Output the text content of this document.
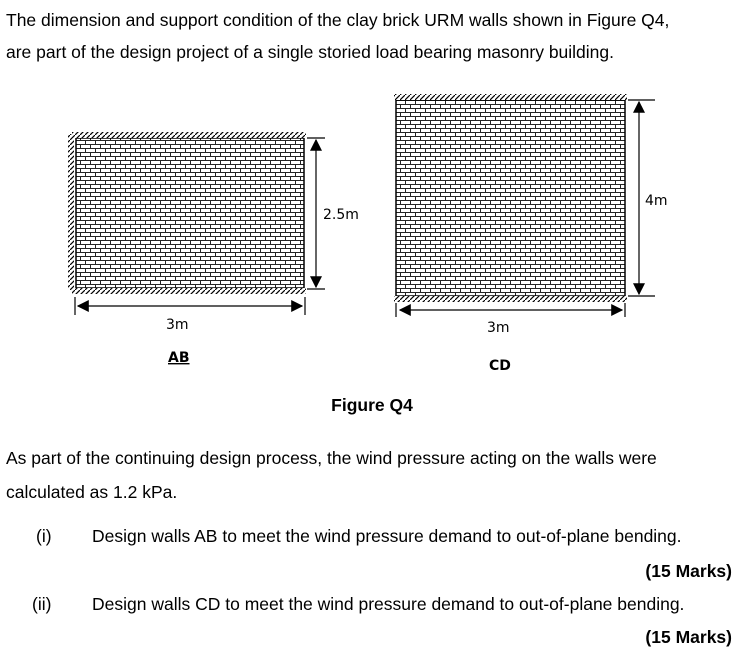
The dimension and support condition of the clay brick URM walls shown in Figure Q4,
are part of the design project of a single storied load bearing masonry building.
2.5m
3m
AB
4m
3m
CD
Figure Q4
As part of the continuing design process, the wind pressure acting on the walls were
calculated as 1.2 kPa.
(i) Design walls AB to meet the wind pressure demand to out-of-plane bending.
(15 Marks)
(ii) Design walls CD to meet the wind pressure demand to out-of-plane bending.
(15 Marks)
